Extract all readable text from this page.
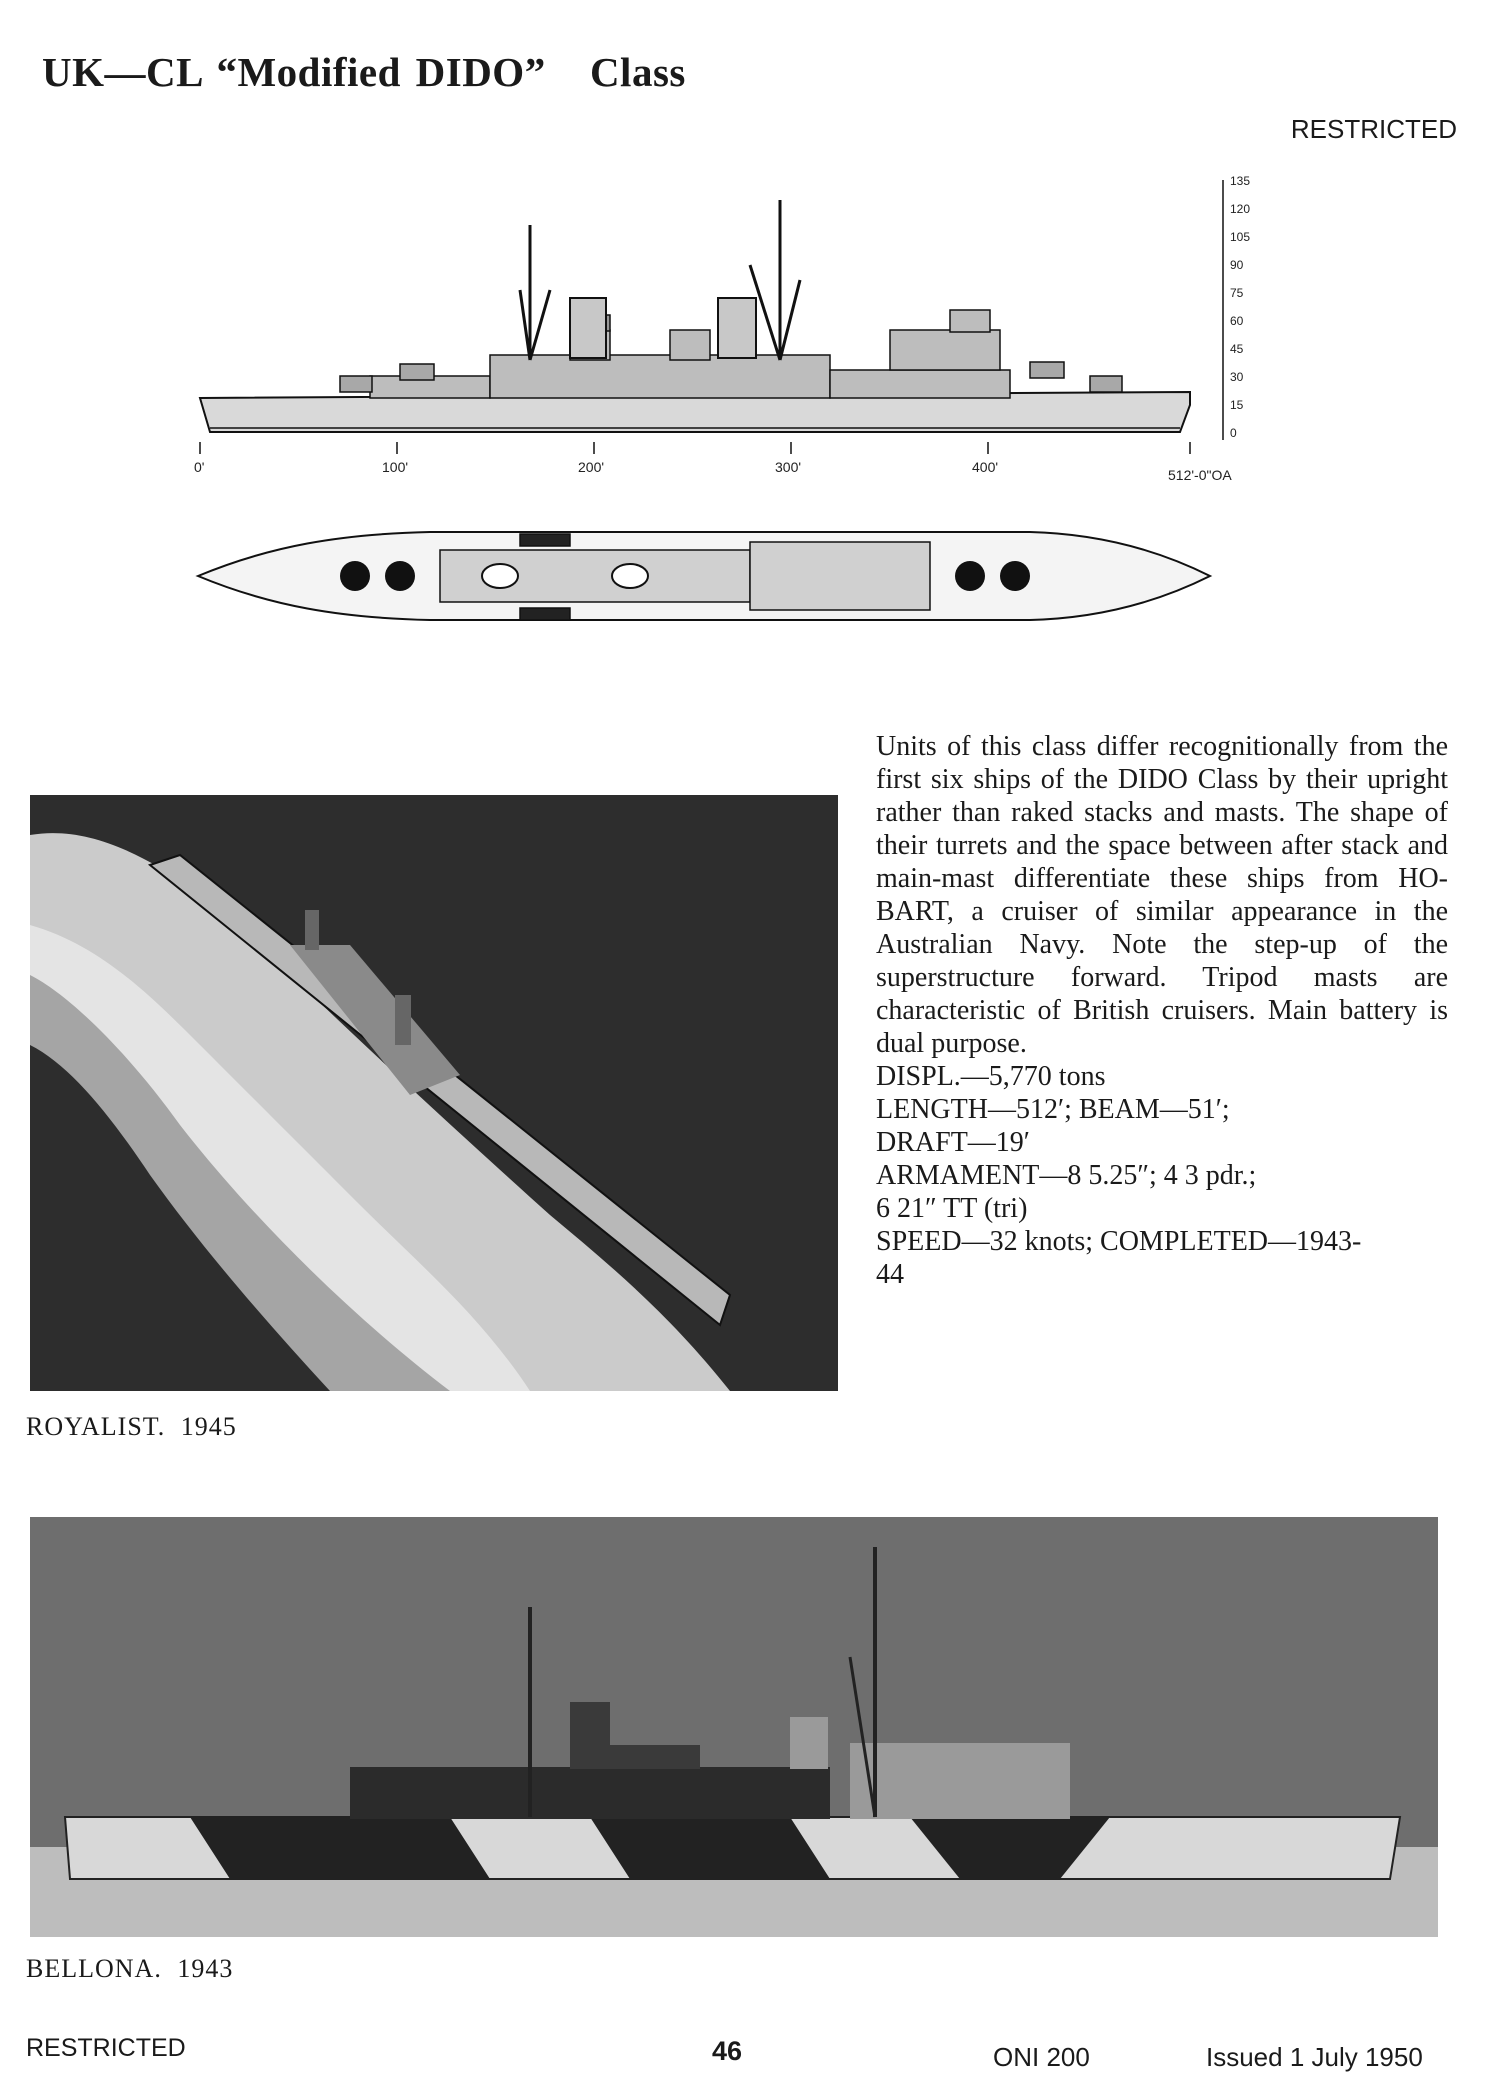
UK—CL “Modified DIDO”   Class
RESTRICTED
135
120
105
90
75
60
45
30
15
0
0'	100'	200'	300'	400'	512'-0"OA

Units of this class differ recognitionally from the first six ships of the DIDO Class by their upright rather than raked stacks and masts. The shape of their turrets and the space between after stack and main-mast differentiate these ships from HO-BART, a cruiser of similar appearance in the Australian Navy. Note the step-up of the superstructure forward. Tripod masts are characteristic of British cruisers. Main battery is dual purpose.

DISPL.—5,770 tons
LENGTH—512′; BEAM—51′;
DRAFT—19′
ARMAMENT—8 5.25″; 4 3 pdr.;
6 21″ TT (tri)
SPEED—32 knots; COMPLETED—1943-
44
ROYALIST. 1945
BELLONA. 1943
RESTRICTED	46	ONI 200	Issued 1 July 1950
